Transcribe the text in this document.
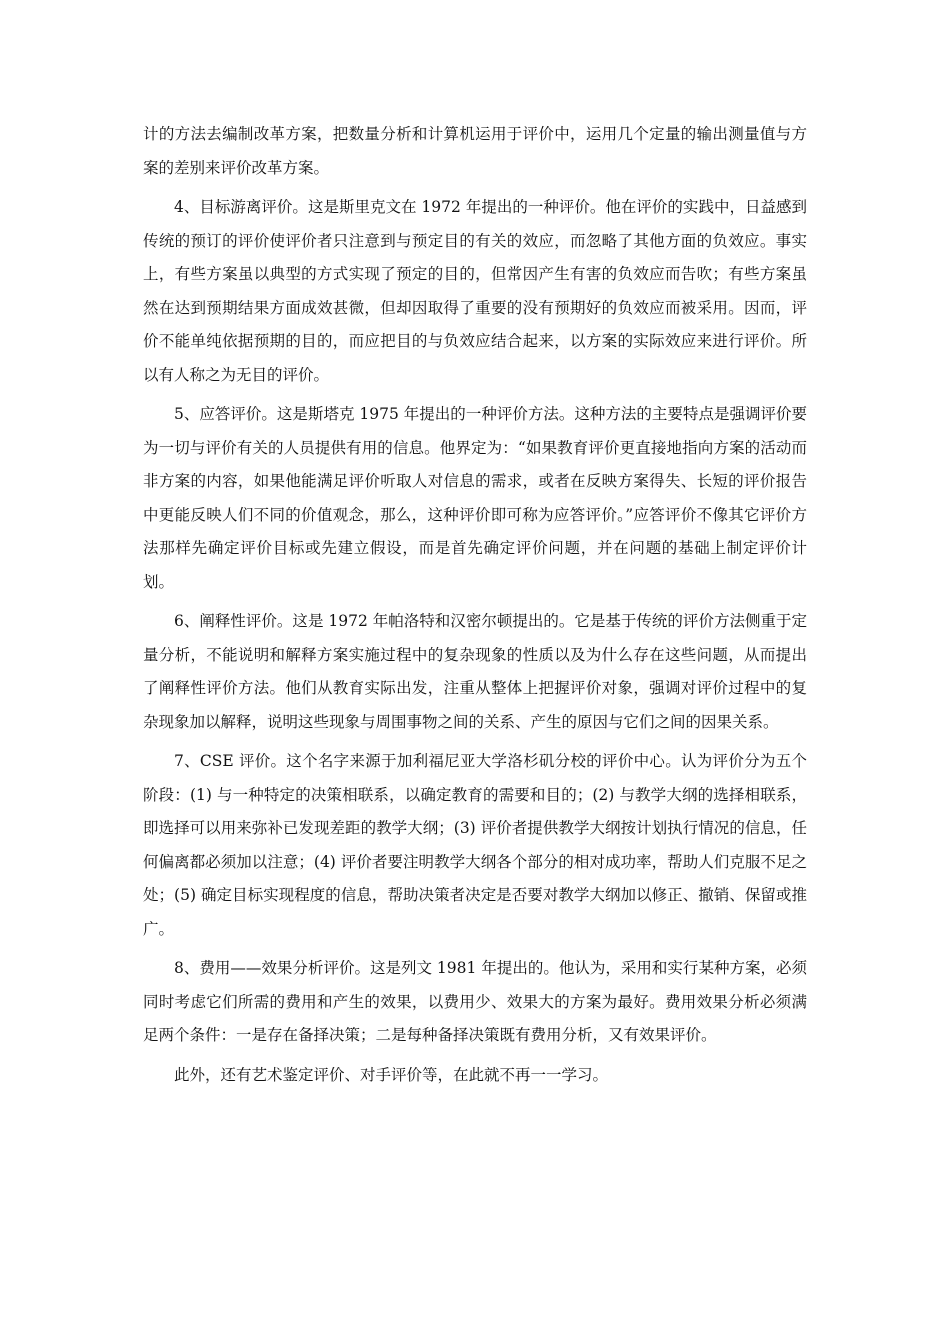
计的方法去编制改革方案，把数量分析和计算机运用于评价中，运用几个定量的输出测量值与方案的差别来评价改革方案。

4、目标游离评价。这是斯里克文在 1972 年提出的一种评价。他在评价的实践中，日益感到传统的预订的评价使评价者只注意到与预定目的有关的效应，而忽略了其他方面的负效应。事实上，有些方案虽以典型的方式实现了预定的目的，但常因产生有害的负效应而告吹；有些方案虽然在达到预期结果方面成效甚微，但却因取得了重要的没有预期好的负效应而被采用。因而，评价不能单纯依据预期的目的，而应把目的与负效应结合起来，以方案的实际效应来进行评价。所以有人称之为无目的评价。

5、应答评价。这是斯塔克 1975 年提出的一种评价方法。这种方法的主要特点是强调评价要为一切与评价有关的人员提供有用的信息。他界定为：“如果教育评价更直接地指向方案的活动而非方案的内容，如果他能满足评价听取人对信息的需求，或者在反映方案得失、长短的评价报告中更能反映人们不同的价值观念，那么，这种评价即可称为应答评价。”应答评价不像其它评价方法那样先确定评价目标或先建立假设，而是首先确定评价问题，并在问题的基础上制定评价计划。

6、阐释性评价。这是 1972 年帕洛特和汉密尔顿提出的。它是基于传统的评价方法侧重于定量分析，不能说明和解释方案实施过程中的复杂现象的性质以及为什么存在这些问题，从而提出了阐释性评价方法。他们从教育实际出发，注重从整体上把握评价对象，强调对评价过程中的复杂现象加以解释，说明这些现象与周围事物之间的关系、产生的原因与它们之间的因果关系。

7、CSE 评价。这个名字来源于加利福尼亚大学洛杉矶分校的评价中心。认为评价分为五个阶段：(1) 与一种特定的决策相联系，以确定教育的需要和目的；(2) 与教学大纲的选择相联系，即选择可以用来弥补已发现差距的教学大纲；(3) 评价者提供教学大纲按计划执行情况的信息，任何偏离都必须加以注意；(4) 评价者要注明教学大纲各个部分的相对成功率，帮助人们克服不足之处；(5) 确定目标实现程度的信息，帮助决策者决定是否要对教学大纲加以修正、撤销、保留或推广。

8、费用——效果分析评价。这是列文 1981 年提出的。他认为，采用和实行某种方案，必须同时考虑它们所需的费用和产生的效果，以费用少、效果大的方案为最好。费用效果分析必须满足两个条件：一是存在备择决策；二是每种备择决策既有费用分析，又有效果评价。

此外，还有艺术鉴定评价、对手评价等，在此就不再一一学习。
